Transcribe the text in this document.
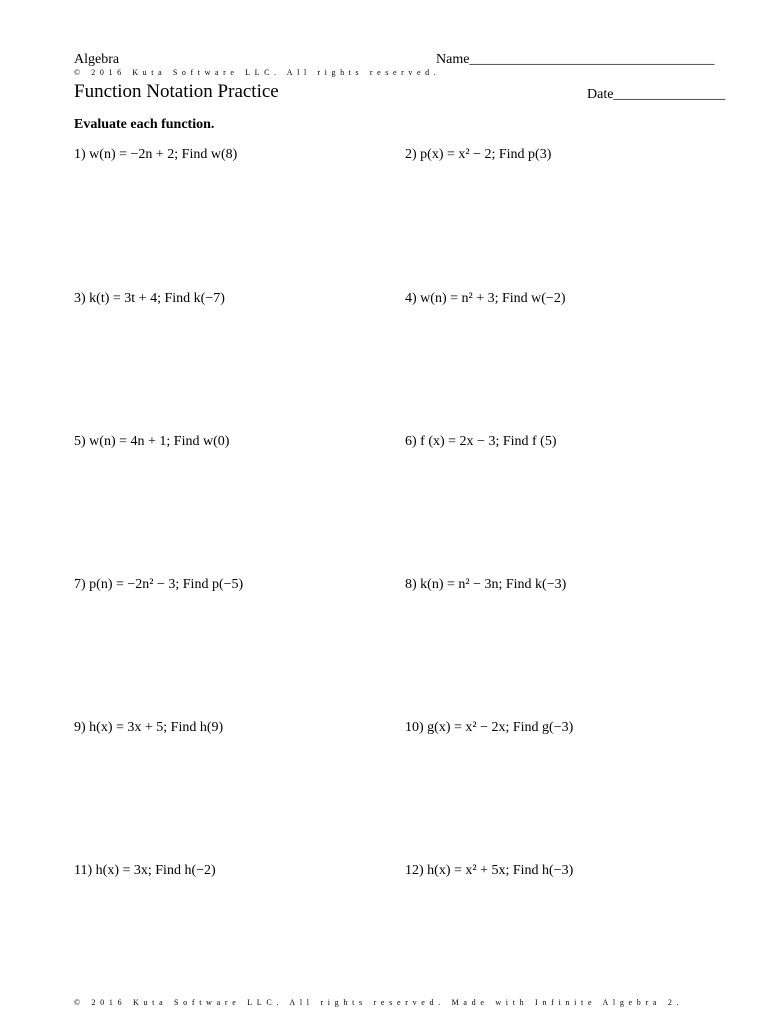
Algebra	Name___________________________________
© 2016 Kuta Software LLC. All rights reserved.
Function Notation Practice	Date________________
Evaluate each function.
1) w(n) = −2n + 2; Find w(8)	2) p(x) = x² − 2; Find p(3)
3) k(t) = 3t + 4; Find k(−7)	4) w(n) = n² + 3; Find w(−2)
5) w(n) = 4n + 1; Find w(0)	6) f (x) = 2x − 3; Find f (5)
7) p(n) = −2n² − 3; Find p(−5)	8) k(n) = n² − 3n; Find k(−3)
9) h(x) = 3x + 5; Find h(9)	10) g(x) = x² − 2x; Find g(−3)
11) h(x) = 3x; Find h(−2)	12) h(x) = x² + 5x; Find h(−3)
© 2016 Kuta Software LLC. All rights reserved. Made with Infinite Algebra 2.
